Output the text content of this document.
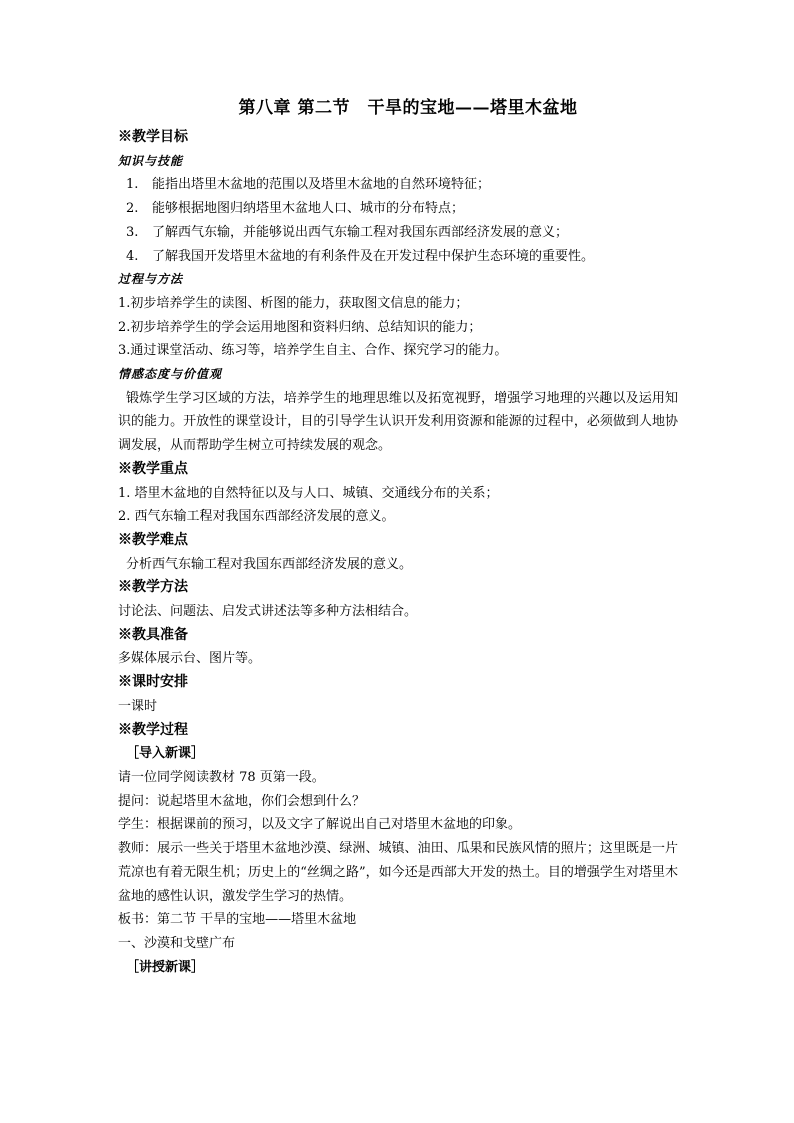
第八章 第二节　干旱的宝地——塔里木盆地

※教学目标

知识与技能

1. 能指出塔里木盆地的范围以及塔里木盆地的自然环境特征；

2. 能够根据地图归纳塔里木盆地人口、城市的分布特点；

3. 了解西气东输，并能够说出西气东输工程对我国东西部经济发展的意义；

4. 了解我国开发塔里木盆地的有利条件及在开发过程中保护生态环境的重要性。

过程与方法

1.初步培养学生的读图、析图的能力，获取图文信息的能力；

2.初步培养学生的学会运用地图和资料归纳、总结知识的能力；

3.通过课堂活动、练习等，培养学生自主、合作、探究学习的能力。

情感态度与价值观

锻炼学生学习区域的方法，培养学生的地理思维以及拓宽视野，增强学习地理的兴趣以及运用知识的能力。开放性的课堂设计，目的引导学生认识开发利用资源和能源的过程中，必须做到人地协调发展，从而帮助学生树立可持续发展的观念。

※教学重点

1. 塔里木盆地的自然特征以及与人口、城镇、交通线分布的关系；

2. 西气东输工程对我国东西部经济发展的意义。

※教学难点

分析西气东输工程对我国东西部经济发展的意义。

※教学方法

讨论法、问题法、启发式讲述法等多种方法相结合。

※教具准备

多媒体展示台、图片等。

※课时安排

一课时

※教学过程

［导入新课］

请一位同学阅读教材 78 页第一段。

提问：说起塔里木盆地，你们会想到什么？

学生：根据课前的预习，以及文字了解说出自己对塔里木盆地的印象。

教师：展示一些关于塔里木盆地沙漠、绿洲、城镇、油田、瓜果和民族风情的照片；这里既是一片荒凉也有着无限生机；历史上的“丝绸之路”，如今还是西部大开发的热土。目的增强学生对塔里木盆地的感性认识，激发学生学习的热情。

板书：第二节 干旱的宝地——塔里木盆地

一、沙漠和戈壁广布

［讲授新课］
